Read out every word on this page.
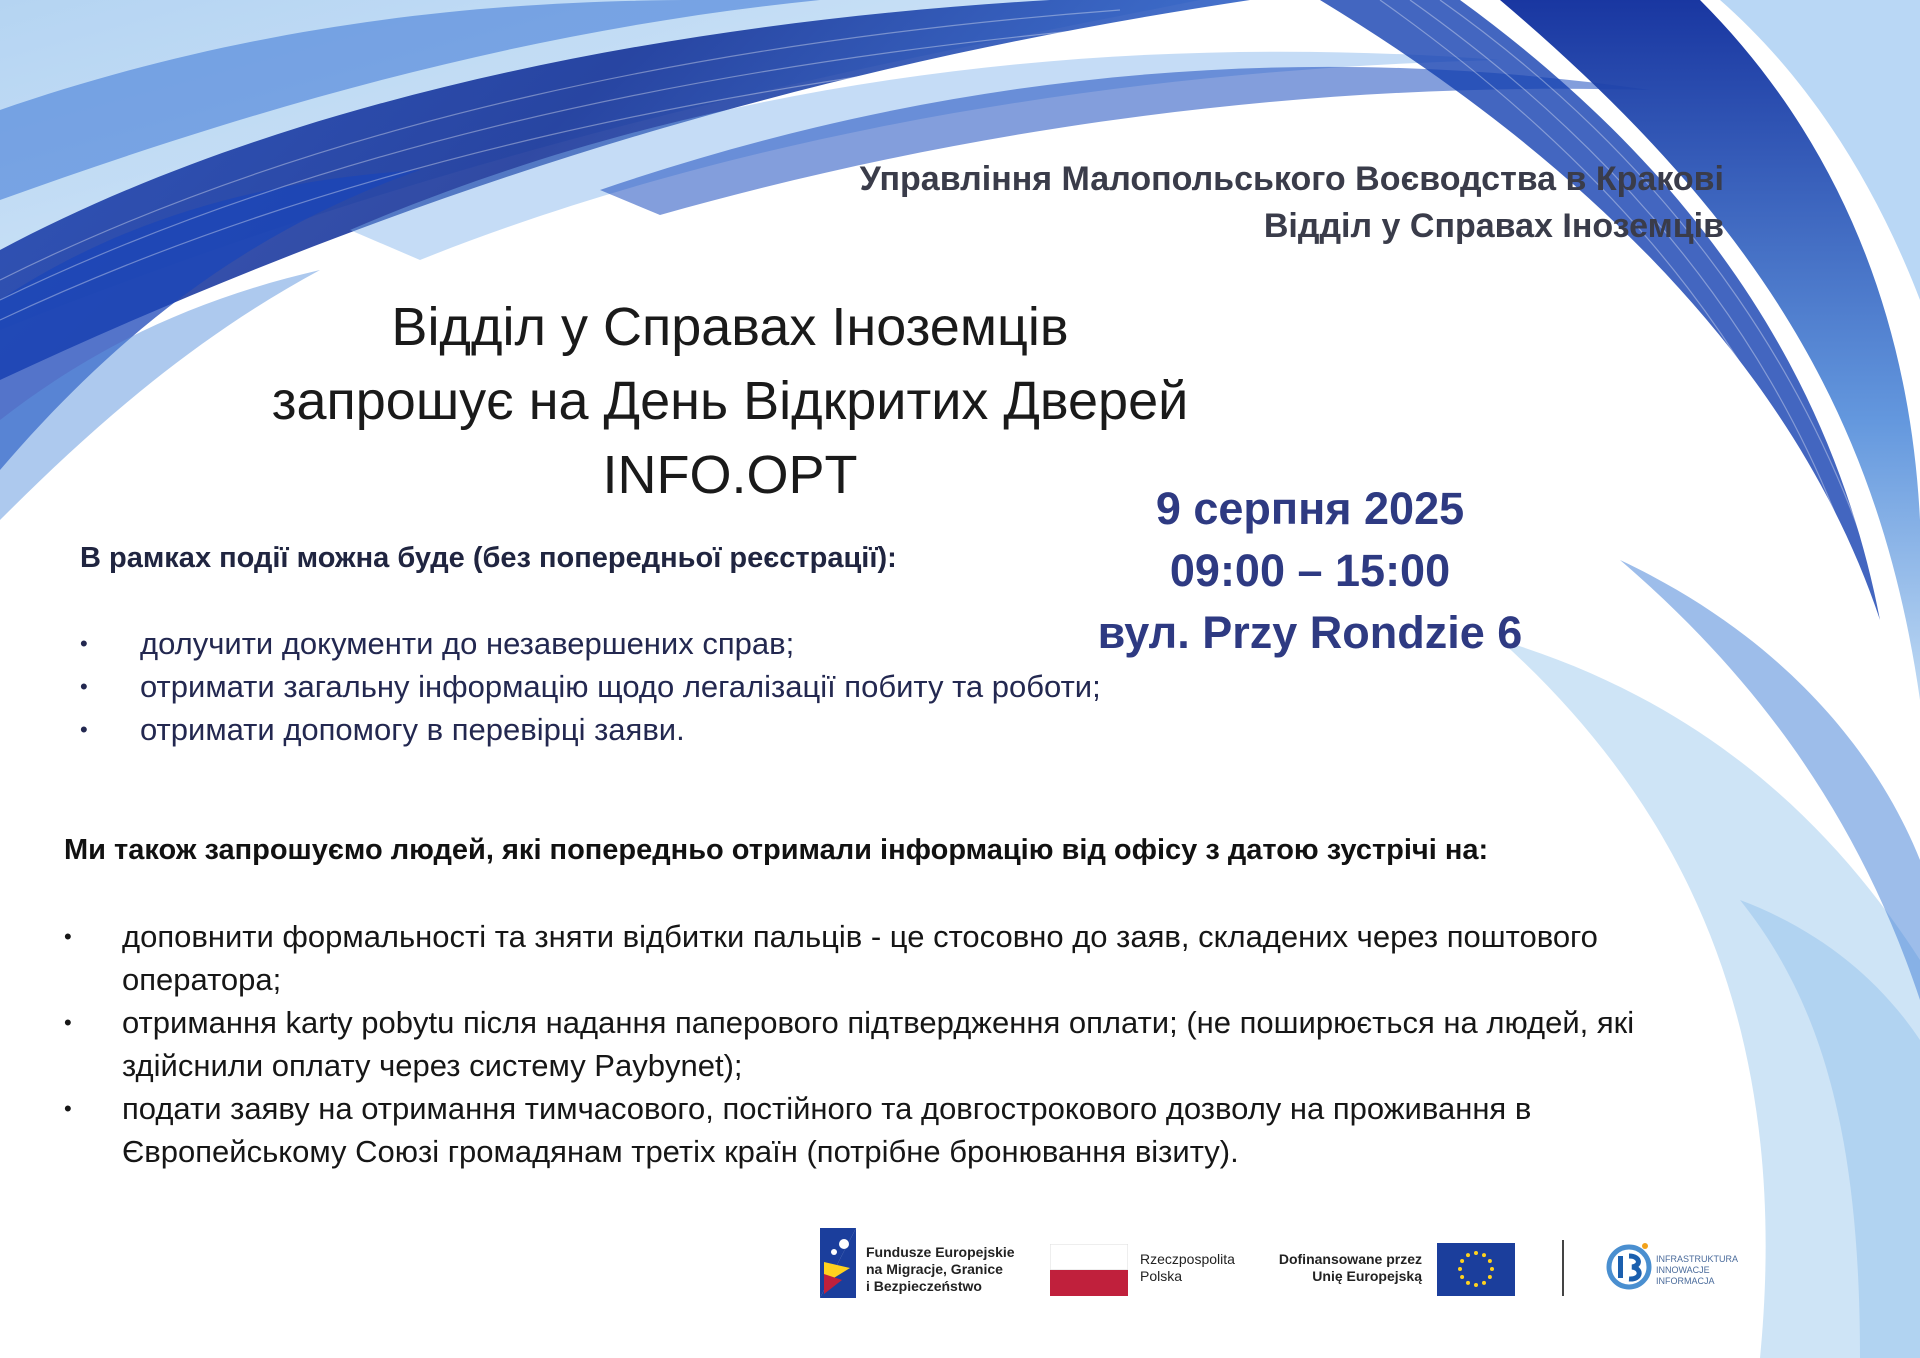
Управління Малопольського Воєводства в Кракові
Відділ у Справах Іноземців
Відділ у Справах Іноземців
запрошує на День Відкритих Дверей
INFO.OPT
9 серпня 2025
09:00 – 15:00
вул. Przy Rondzie 6
В рамках події можна буде (без попередньої реєстрації):
• долучити документи до незавершених справ;
• отримати загальну інформацію щодо легалізації побиту та роботи;
• отримати допомогу в перевірці заяви.
Ми також запрошуємо людей, які попередньо отримали інформацію від офісу з датою зустрічі на:
• доповнити формальності та зняти відбитки пальців - це стосовно до заяв, складених через поштового оператора;
• отримання karty pobytu після надання паперового підтвердження оплати; (не поширюється на людей, які здійснили оплату через систему Paybynet);
• подати заяву на отримання тимчасового, постійного та довгострокового дозволу на проживання в Європейському Союзі громадянам третіх країн (потрібне бронювання візиту).
Fundusze Europejskie
na Migracje, Granice
i Bezpieczeństwo
Rzeczpospolita
Polska
Dofinansowane przez
Unię Europejską
INFRASTRUKTURA
INNOWACJE
INFORMACJA
